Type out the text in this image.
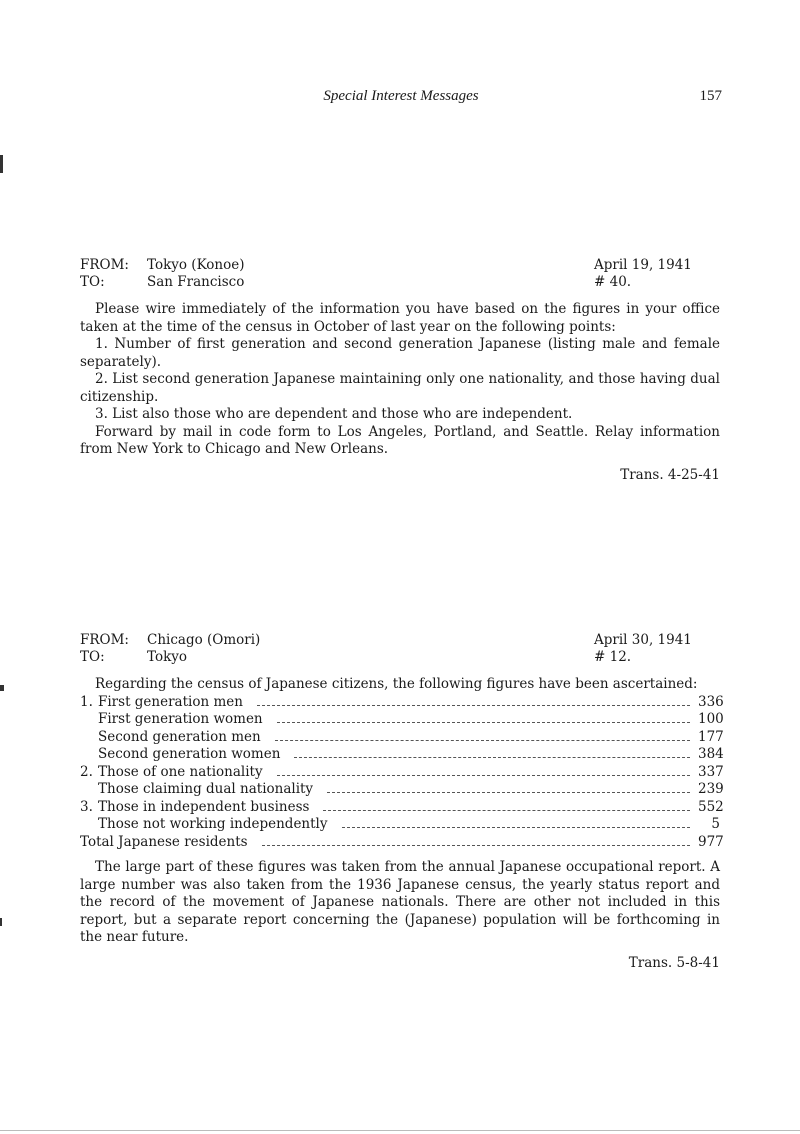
Special Interest Messages	157
FROM:	Tokyo (Konoe)	April 19, 1941
TO:	San Francisco	# 40.

Please wire immediately of the information you have based on the figures in your office taken at the time of the census in October of last year on the following points:

1. Number of first generation and second generation Japanese (listing male and female separately).

2. List second generation Japanese maintaining only one nationality, and those having dual citizenship.

3. List also those who are dependent and those who are independent.

Forward by mail in code form to Los Angeles, Portland, and Seattle. Relay information from New York to Chicago and New Orleans.

Trans. 4-25-41
FROM:	Chicago (Omori)	April 30, 1941
TO:	Tokyo	# 12.

Regarding the census of Japanese citizens, the following figures have been ascertained:

1. First generation men	336
First generation women	100
Second generation men	177
Second generation women	384
2. Those of one nationality	337
Those claiming dual nationality	239
3. Those in independent business	552
Those not working independently	5
Total Japanese residents	977

The large part of these figures was taken from the annual Japanese occupational report. A large number was also taken from the 1936 Japanese census, the yearly status report and the record of the movement of Japanese nationals. There are other not included in this report, but a separate report concerning the (Japanese) population will be forthcoming in the near future.

Trans. 5-8-41
